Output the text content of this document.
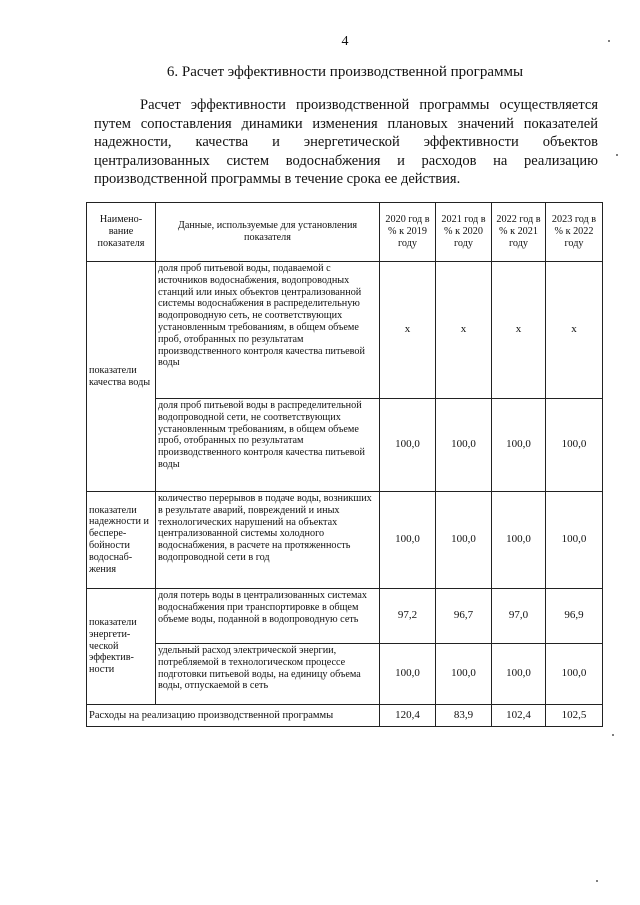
4
6. Расчет эффективности производственной программы
Расчет эффективности производственной программы осуществляется путем сопоставления динамики изменения плановых значений показателей надежности, качества и энергетической эффективности объектов централизованных систем водоснабжения и расходов на реализацию производственной программы в течение срока ее действия.
Наимено-вание показателя	Данные, используемые для установления показателя	2020 год в % к 2019 году	2021 год в % к 2020 году	2022 год в % к 2021 году	2023 год в % к 2022 году
показатели качества воды	доля проб питьевой воды, подаваемой с источников водоснабжения, водопроводных станций или иных объектов централизованной системы водоснабжения в распределительную водопроводную сеть, не соответствующих установленным требованиям, в общем объеме проб, отобранных по результатам производственного контроля качества питьевой воды	х	х	х	х
	доля проб питьевой воды в распределительной водопроводной сети, не соответствующих установленным требованиям, в общем объеме проб, отобранных по результатам производственного контроля качества питьевой воды	100,0	100,0	100,0	100,0
показатели надежности и беспере-бойности водоснаб-жения	количество перерывов в подаче воды, возникших в результате аварий, повреждений и иных технологических нарушений на объектах централизованной системы холодного водоснабжения, в расчете на протяженность водопроводной сети в год	100,0	100,0	100,0	100,0
показатели энергети-ческой эффектив-ности	доля потерь воды в централизованных системах водоснабжения при транспортировке в общем объеме воды, поданной в водопроводную сеть	97,2	96,7	97,0	96,9
	удельный расход электрической энергии, потребляемой в технологическом процессе подготовки питьевой воды, на единицу объема воды, отпускаемой в сеть	100,0	100,0	100,0	100,0
Расходы на реализацию производственной программы		120,4	83,9	102,4	102,5
